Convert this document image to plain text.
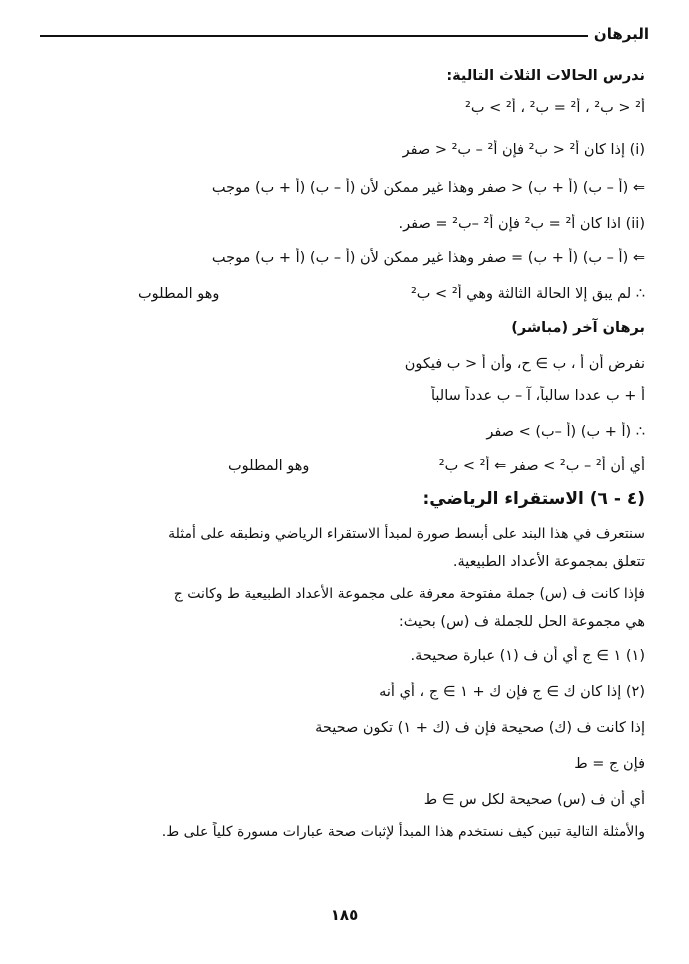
البرهان
ندرس الحالات الثلاث التالية:
أ² < ب² ، أ² = ب² ، أ² > ب²
(i) إذا كان أ² < ب² فإن أ² – ب² < صفر
⇐ (أ – ب) (أ + ب) < صفر وهذا غير ممكن لأن (أ – ب) (أ + ب) موجب
(ii) اذا كان أ² = ب² فإن أ² –ب² = صفر.
⇐ (أ – ب) (أ + ب) = صفر وهذا غير ممكن لأن (أ – ب) (أ + ب) موجب
∴ لم يبق إلا الحالة الثالثة وهي أ² > ب²
وهو المطلوب
برهان آخر (مباشر)
نفرض أن أ ، ب ∋ ح، وأن أ < ب فيكون
أ + ب عددا سالباً، آ – ب عدداً سالباً
∴ (أ + ب) (أ –ب) > صفر
أي أن أ² – ب² > صفر ⇐ أ² > ب²
وهو المطلوب
(٤ - ٦) الاستقراء الرياضي:
سنتعرف في هذا البند على أبسط صورة لمبدأ الاستقراء الرياضي ونطبقه على أمثلة
تتعلق بمجموعة الأعداد الطبيعية.
فإذا كانت ف (س) جملة مفتوحة معرفة على مجموعة الأعداد الطبيعية ط وكانت ج
هي مجموعة الحل للجملة ف (س) بحيث:
(١) ١ ∋ ج أي أن ف (١) عبارة صحيحة.
(٢) إذا كان ك ∋ ج فإن ك + ١ ∋ ج ، أي أنه
إذا كانت ف (ك) صحيحة فإن ف (ك + ١) تكون صحيحة
فإن ج = ط
أي أن ف (س) صحيحة لكل س ∋ ط
والأمثلة التالية تبين كيف نستخدم هذا المبدأ لإثبات صحة عبارات مسورة كلياً على ط.
١٨٥
